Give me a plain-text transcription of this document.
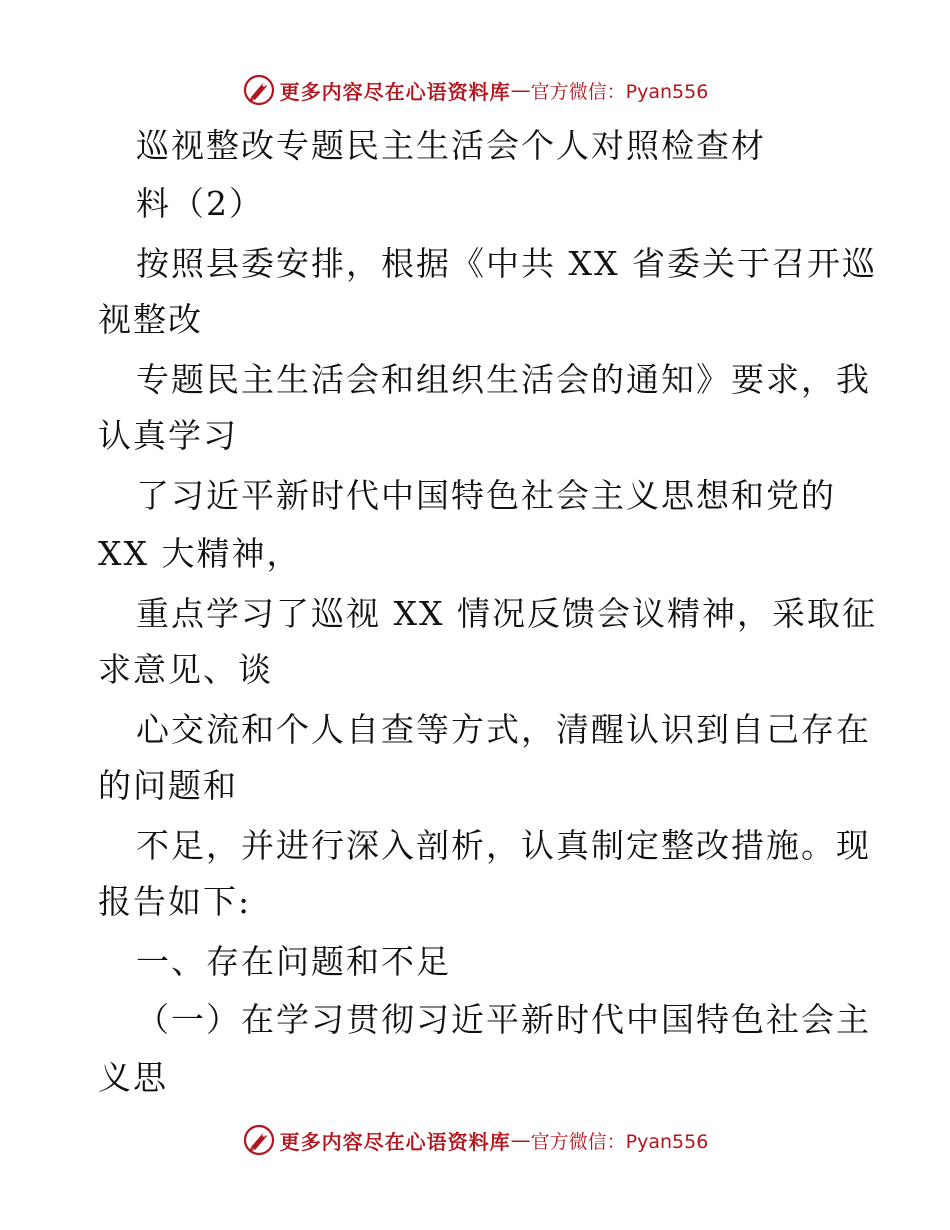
更多内容尽在心语资料库 — 官方微信：Pyan556
巡视整改专题民主生活会个人对照检查材
料（2）
按照县委安排，根据《中共 XX 省委关于召开巡
视整改
专题民主生活会和组织生活会的通知》要求，我
认真学习
了习近平新时代中国特色社会主义思想和党的
XX 大精神，
重点学习了巡视 XX 情况反馈会议精神，采取征
求意见、谈
心交流和个人自查等方式，清醒认识到自己存在
的问题和
不足，并进行深入剖析，认真制定整改措施。现
报告如下:
一、存在问题和不足
（一）在学习贯彻习近平新时代中国特色社会主
义思
更多内容尽在心语资料库 — 官方微信：Pyan556
